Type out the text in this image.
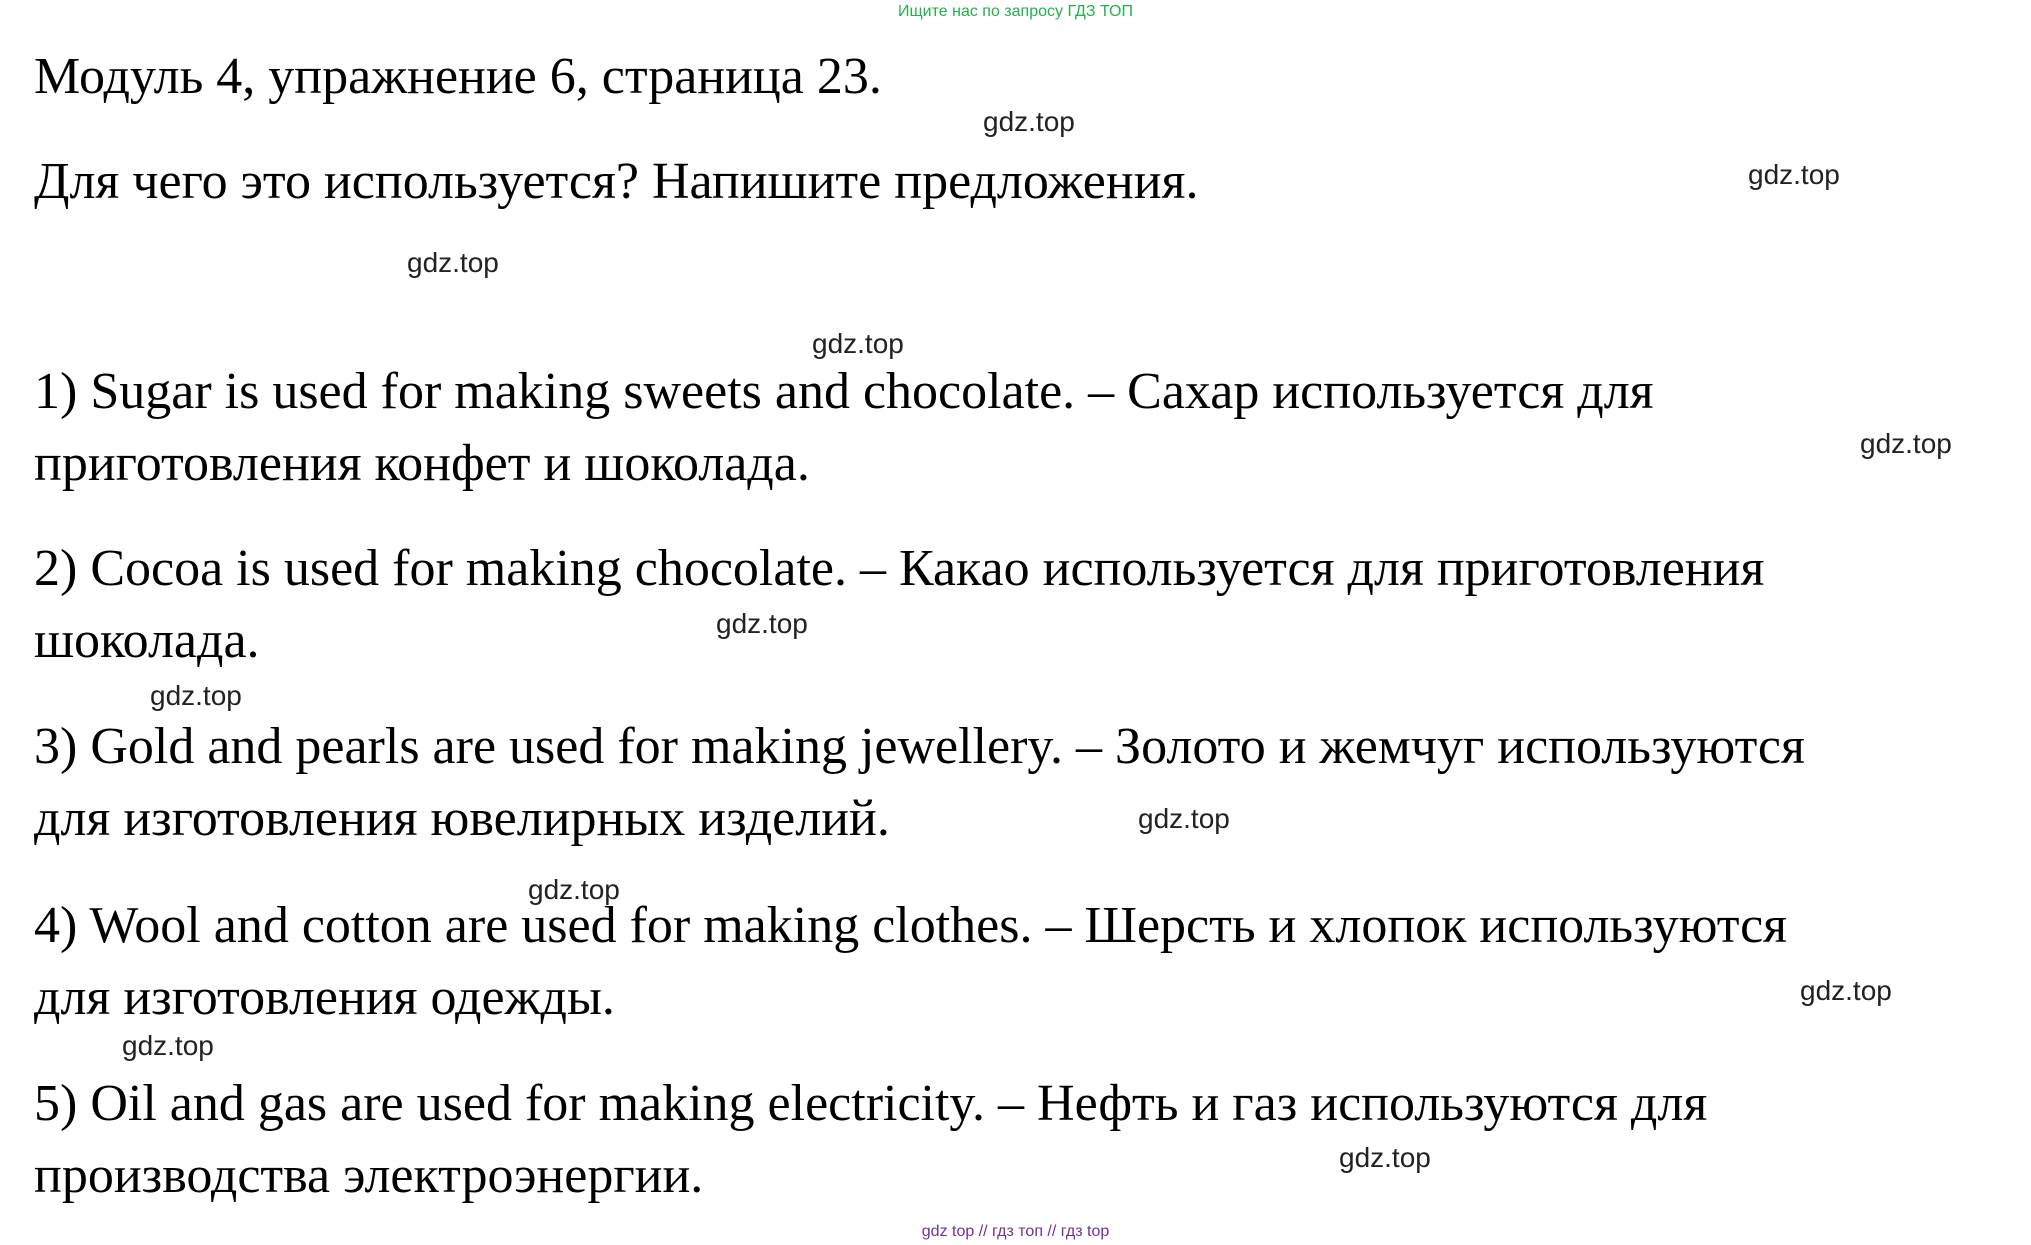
Ищите нас по запросу ГДЗ ТОП
Модуль 4, упражнение 6, страница 23.
Для чего это используется? Напишите предложения.
1) Sugar is used for making sweets and chocolate. – Сахар используется для
приготовления конфет и шоколада.
2) Cocoa is used for making chocolate. – Какао используется для приготовления
шоколада.
3) Gold and pearls are used for making jewellery. – Золото и жемчуг используются
для изготовления ювелирных изделий.
4) Wool and cotton are used for making clothes. – Шерсть и хлопок используются
для изготовления одежды.
5) Oil and gas are used for making electricity. – Нефть и газ используются для
производства электроэнергии.
gdz.top
gdz.top
gdz.top
gdz.top
gdz.top
gdz.top
gdz.top
gdz.top
gdz.top
gdz.top
gdz.top
gdz.top
gdz top // гдз топ // гдз top
